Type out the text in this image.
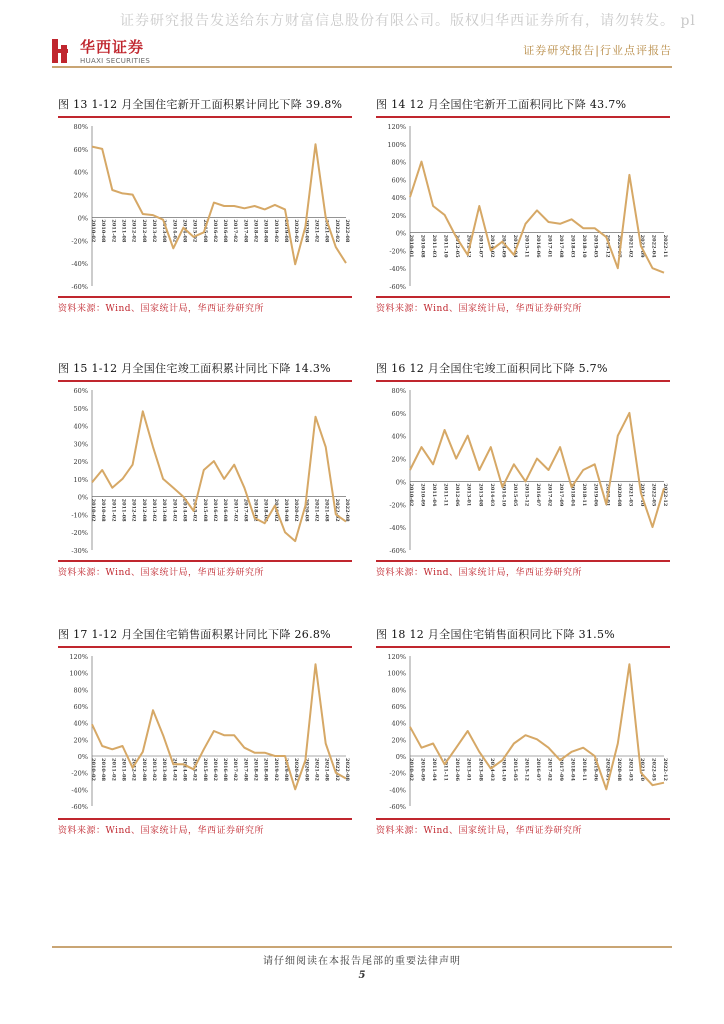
证券研究报告发送给东方财富信息股份有限公司。版权归华西证券所有，请勿转发。 pl
华西证券
HUAXI SECURITIES
证券研究报告|行业点评报告
图 13 1-12 月全国住宅新开工面积累计同比下降 39.8%
80%
60%
40%
20%
0%
-20%
-40%
-60%
2010-02 2010-08 2011-02 2011-08 2012-02 2012-08 2013-02 2013-08 2014-02 2014-08 2015-02 2015-08 2016-02 2016-08 2017-02 2017-08 2018-02 2018-08 2019-02 2019-08 2020-02 2020-08 2021-02 2021-08 2022-02 2022-08
资料来源：Wind、国家统计局，华西证券研究所
图 14 12 月全国住宅新开工面积同比下降 43.7%
120%
100%
80%
60%
40%
20%
0%
-20%
-40%
-60%
2010-01 2010-08 2011-03 2011-10 2012-05 2012-12 2013-07 2014-02 2014-09 2015-04 2015-11 2016-06 2017-01 2017-08 2018-03 2018-10 2019-05 2019-12 2020-07 2021-02 2021-09 2022-04 2022-11
资料来源：Wind、国家统计局，华西证券研究所
图 15 1-12 月全国住宅竣工面积累计同比下降 14.3%
60%
50%
40%
30%
20%
10%
0%
-10%
-20%
-30%
2010-02 2010-08 2011-02 2011-08 2012-02 2012-08 2013-02 2013-08 2014-02 2014-08 2015-02 2015-08 2016-02 2016-08 2017-02 2017-08 2018-02 2018-08 2019-02 2019-08 2020-02 2020-08 2021-02 2021-08 2022-02 2022-08
资料来源：Wind、国家统计局，华西证券研究所
图 16 12 月全国住宅竣工面积同比下降 5.7%
80%
60%
40%
20%
0%
-20%
-40%
-60%
2010-02 2010-09 2011-04 2011-11 2012-06 2013-01 2013-08 2014-03 2014-10 2015-05 2015-12 2016-07 2017-02 2017-09 2018-04 2018-11 2019-06 2020-01 2020-08 2021-03 2021-10 2022-05 2022-12
资料来源：Wind、国家统计局，华西证券研究所
图 17 1-12 月全国住宅销售面积累计同比下降 26.8%
120%
100%
80%
60%
40%
20%
0%
-20%
-40%
-60%
2010-02 2010-08 2011-02 2011-08 2012-02 2012-08 2013-02 2013-08 2014-02 2014-08 2015-02 2015-08 2016-02 2016-08 2017-02 2017-08 2018-02 2018-08 2019-02 2019-08 2020-02 2020-08 2021-02 2021-08 2022-02 2022-08
资料来源：Wind、国家统计局，华西证券研究所
图 18 12 月全国住宅销售面积同比下降 31.5%
120%
100%
80%
60%
40%
20%
0%
-20%
-40%
-60%
2010-02 2010-09 2011-04 2011-11 2012-06 2013-01 2013-08 2014-03 2014-10 2015-05 2015-12 2016-07 2017-02 2017-09 2018-04 2018-11 2019-06 2020-01 2020-08 2021-03 2021-10 2022-05 2022-12
资料来源：Wind、国家统计局，华西证券研究所
请仔细阅读在本报告尾部的重要法律声明
5
